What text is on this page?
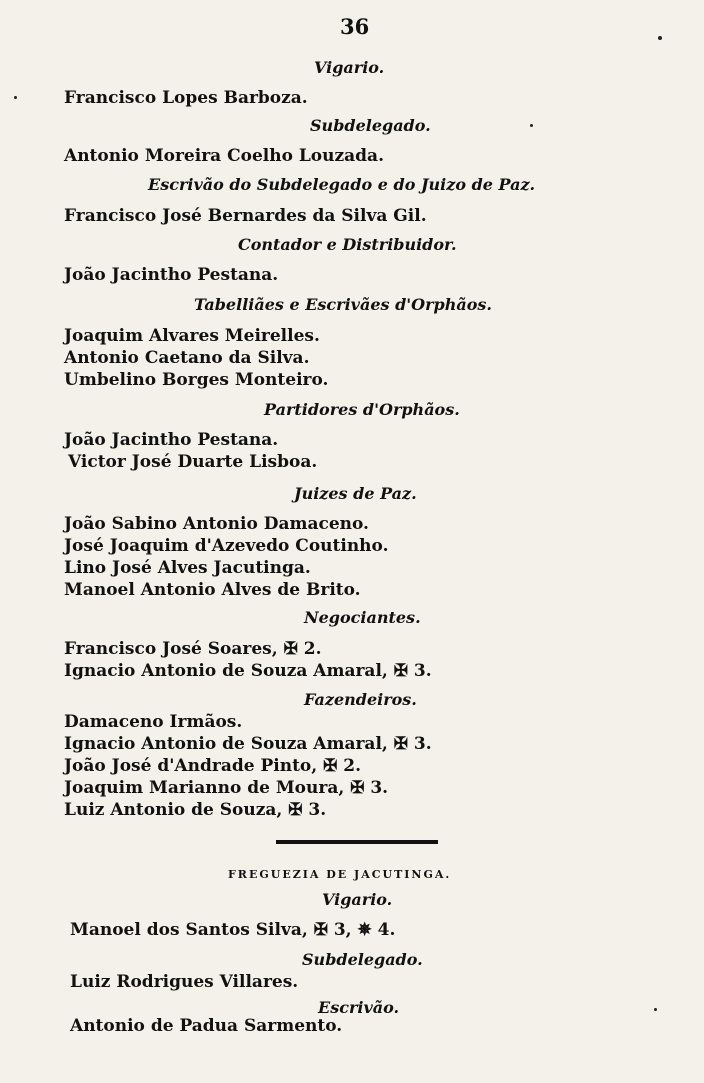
36
Vigario.
Francisco Lopes Barboza.
Subdelegado.
Antonio Moreira Coelho Louzada.
Escrivão do Subdelegado e do Juizo de Paz.
Francisco José Bernardes da Silva Gil.
Contador e Distribuidor.
João Jacintho Pestana.
Tabelliães e Escrivães d'Orphãos.
Joaquim Alvares Meirelles.
Antonio Caetano da Silva.
Umbelino Borges Monteiro.
Partidores d'Orphãos.
João Jacintho Pestana.
Victor José Duarte Lisboa.
Juizes de Paz.
João Sabino Antonio Damaceno.
José Joaquim d'Azevedo Coutinho.
Lino José Alves Jacutinga.
Manoel Antonio Alves de Brito.
Negociantes.
Francisco José Soares, ✠ 2.
Ignacio Antonio de Souza Amaral, ✠ 3.
Fazendeiros.
Damaceno Irmãos.
Ignacio Antonio de Souza Amaral, ✠ 3.
João José d'Andrade Pinto, ✠ 2.
Joaquim Marianno de Moura, ✠ 3.
Luiz Antonio de Souza, ✠ 3.
FREGUEZIA DE JACUTINGA.
Vigario.
Manoel dos Santos Silva, ✠ 3, ✵ 4.
Subdelegado.
Luiz Rodrigues Villares.
Escrivão.
Antonio de Padua Sarmento.
